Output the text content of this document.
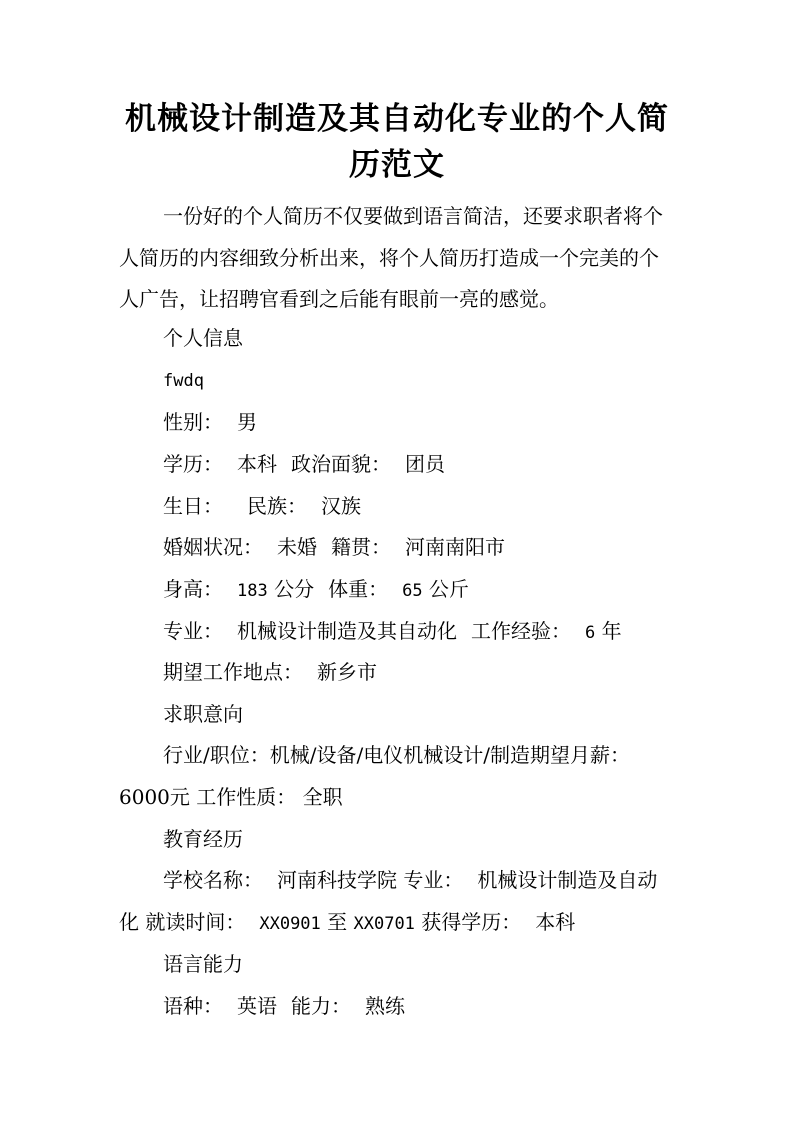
机械设计制造及其自动化专业的个人简历范文

一份好的个人简历不仅要做到语言简洁，还要求职者将个人简历的内容细致分析出来，将个人简历打造成一个完美的个人广告，让招聘官看到之后能有眼前一亮的感觉。

个人信息

fwdq

性别： 男

学历： 本科 政治面貌： 团员

生日： 民族： 汉族

婚姻状况： 未婚 籍贯： 河南南阳市

身高： 183 公分 体重： 65 公斤

专业： 机械设计制造及其自动化 工作经验： 6 年

期望工作地点： 新乡市

求职意向

行业/职位：机械/设备/电仪机械设计/制造期望月薪：6000元 工作性质： 全职

教育经历

学校名称： 河南科技学院 专业： 机械设计制造及自动化 就读时间： XX0901 至 XX0701 获得学历： 本科

语言能力

语种： 英语 能力： 熟练
